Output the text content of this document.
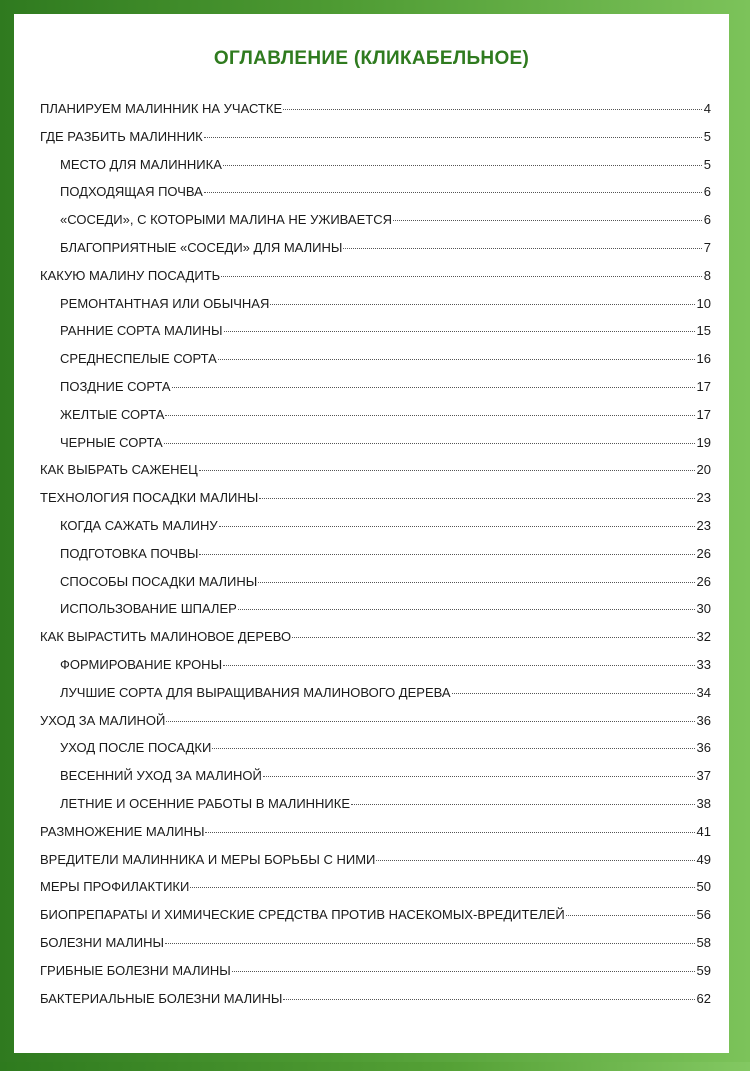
ОГЛАВЛЕНИЕ (КЛИКАБЕЛЬНОЕ)
ПЛАНИРУЕМ МАЛИННИК НА УЧАСТКЕ	4
ГДЕ РАЗБИТЬ МАЛИННИК	5
МЕСТО ДЛЯ МАЛИННИКА	5
ПОДХОДЯЩАЯ ПОЧВА	6
«СОСЕДИ», С КОТОРЫМИ МАЛИНА НЕ УЖИВАЕТСЯ	6
БЛАГОПРИЯТНЫЕ «СОСЕДИ» ДЛЯ МАЛИНЫ	7
КАКУЮ МАЛИНУ ПОСАДИТЬ	8
РЕМОНТАНТНАЯ ИЛИ ОБЫЧНАЯ	10
РАННИЕ СОРТА МАЛИНЫ	15
СРЕДНЕСПЕЛЫЕ СОРТА	16
ПОЗДНИЕ СОРТА	17
ЖЕЛТЫЕ СОРТА	17
ЧЕРНЫЕ СОРТА	19
КАК ВЫБРАТЬ САЖЕНЕЦ	20
ТЕХНОЛОГИЯ ПОСАДКИ МАЛИНЫ	23
КОГДА САЖАТЬ МАЛИНУ	23
ПОДГОТОВКА ПОЧВЫ	26
СПОСОБЫ ПОСАДКИ МАЛИНЫ	26
ИСПОЛЬЗОВАНИЕ ШПАЛЕР	30
КАК ВЫРАСТИТЬ МАЛИНОВОЕ ДЕРЕВО	32
ФОРМИРОВАНИЕ КРОНЫ	33
ЛУЧШИЕ СОРТА ДЛЯ ВЫРАЩИВАНИЯ МАЛИНОВОГО ДЕРЕВА	34
УХОД ЗА МАЛИНОЙ	36
УХОД ПОСЛЕ ПОСАДКИ	36
ВЕСЕННИЙ УХОД ЗА МАЛИНОЙ	37
ЛЕТНИЕ И ОСЕННИЕ РАБОТЫ В МАЛИННИКЕ	38
РАЗМНОЖЕНИЕ МАЛИНЫ	41
ВРЕДИТЕЛИ МАЛИННИКА И МЕРЫ БОРЬБЫ С НИМИ	49
МЕРЫ ПРОФИЛАКТИКИ	50
БИОПРЕПАРАТЫ И ХИМИЧЕСКИЕ СРЕДСТВА ПРОТИВ НАСЕКОМЫХ-ВРЕДИТЕЛЕЙ	56
БОЛЕЗНИ МАЛИНЫ	58
ГРИБНЫЕ БОЛЕЗНИ МАЛИНЫ	59
БАКТЕРИАЛЬНЫЕ БОЛЕЗНИ МАЛИНЫ	62
